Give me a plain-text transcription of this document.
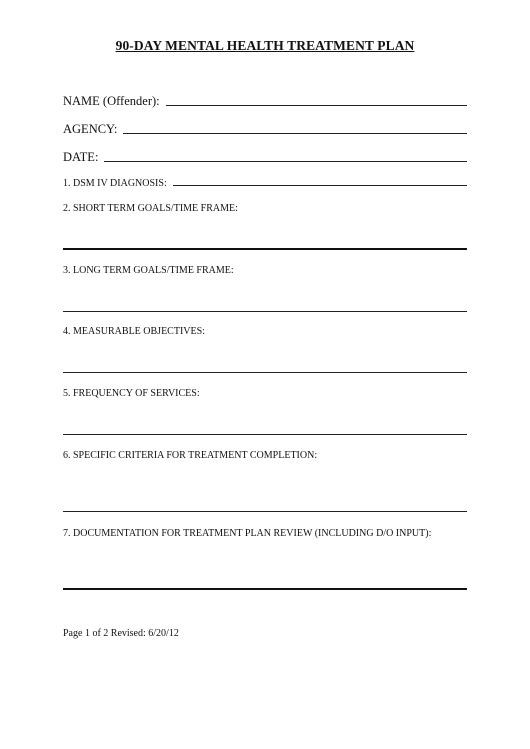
90-DAY MENTAL HEALTH TREATMENT PLAN
NAME (Offender):
AGENCY:
DATE:
1. DSM IV DIAGNOSIS:
2. SHORT TERM GOALS/TIME FRAME:
3. LONG TERM GOALS/TIME FRAME:
4. MEASURABLE OBJECTIVES:
5. FREQUENCY OF SERVICES:
6. SPECIFIC CRITERIA FOR TREATMENT COMPLETION:
7. DOCUMENTATION FOR TREATMENT PLAN REVIEW (INCLUDING D/O INPUT):
Page 1 of 2 Revised: 6/20/12
